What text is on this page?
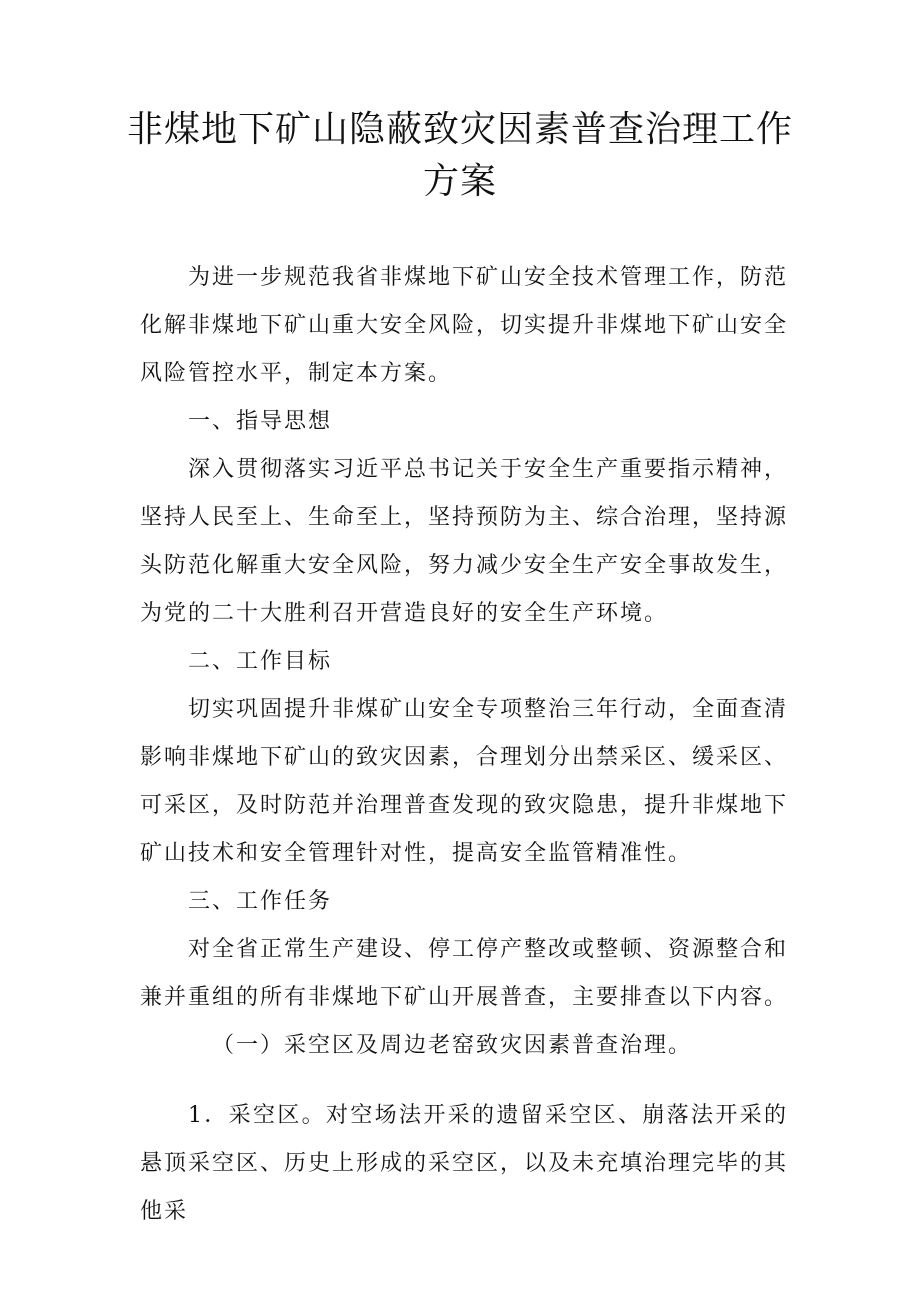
非煤地下矿山隐蔽致灾因素普查治理工作
方案

为进一步规范我省非煤地下矿山安全技术管理工作，防范化解非煤地下矿山重大安全风险，切实提升非煤地下矿山安全风险管控水平，制定本方案。

一、指导思想

深入贯彻落实习近平总书记关于安全生产重要指示精神，坚持人民至上、生命至上，坚持预防为主、综合治理，坚持源头防范化解重大安全风险，努力减少安全生产安全事故发生，为党的二十大胜利召开营造良好的安全生产环境。

二、工作目标

切实巩固提升非煤矿山安全专项整治三年行动，全面查清影响非煤地下矿山的致灾因素，合理划分出禁采区、缓采区、可采区，及时防范并治理普查发现的致灾隐患，提升非煤地下矿山技术和安全管理针对性，提高安全监管精准性。

三、工作任务

对全省正常生产建设、停工停产整改或整顿、资源整合和兼并重组的所有非煤地下矿山开展普查，主要排查以下内容。

（一）采空区及周边老窑致灾因素普查治理。

1．采空区。对空场法开采的遗留采空区、崩落法开采的悬顶采空区、历史上形成的采空区，以及未充填治理完毕的其他采
